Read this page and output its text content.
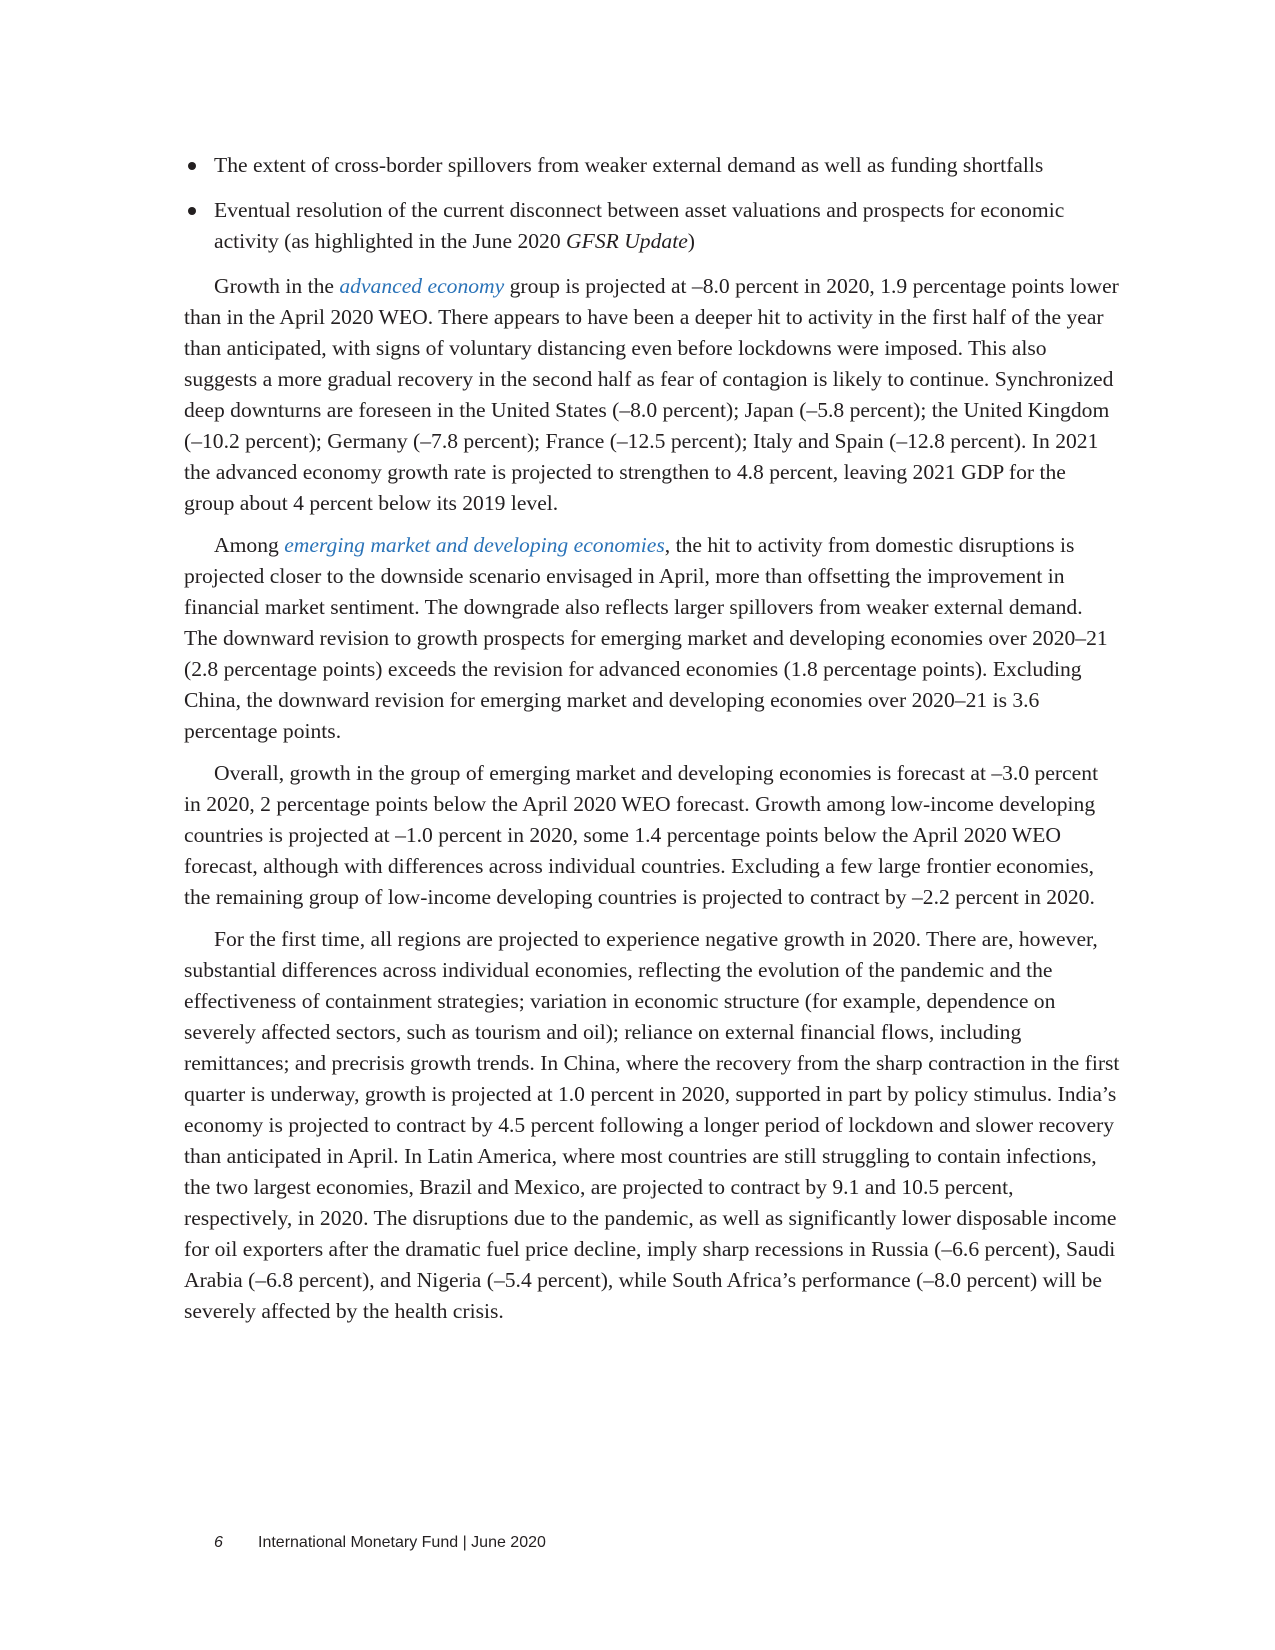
The extent of cross-border spillovers from weaker external demand as well as funding shortfalls
Eventual resolution of the current disconnect between asset valuations and prospects for economic activity (as highlighted in the June 2020 GFSR Update)

Growth in the advanced economy group is projected at –8.0 percent in 2020, 1.9 percentage points lower than in the April 2020 WEO. There appears to have been a deeper hit to activity in the first half of the year than anticipated, with signs of voluntary distancing even before lockdowns were imposed. This also suggests a more gradual recovery in the second half as fear of contagion is likely to continue. Synchronized deep downturns are foreseen in the United States (–8.0 percent); Japan (–5.8 percent); the United Kingdom (–10.2 percent); Germany (–7.8 percent); France (–12.5 percent); Italy and Spain (–12.8 percent). In 2021 the advanced economy growth rate is projected to strengthen to 4.8 percent, leaving 2021 GDP for the group about 4 percent below its 2019 level.

Among emerging market and developing economies, the hit to activity from domestic disruptions is projected closer to the downside scenario envisaged in April, more than offsetting the improvement in financial market sentiment. The downgrade also reflects larger spillovers from weaker external demand. The downward revision to growth prospects for emerging market and developing economies over 2020–21 (2.8 percentage points) exceeds the revision for advanced economies (1.8 percentage points). Excluding China, the downward revision for emerging market and developing economies over 2020–21 is 3.6 percentage points.

Overall, growth in the group of emerging market and developing economies is forecast at –3.0 percent in 2020, 2 percentage points below the April 2020 WEO forecast. Growth among low-income developing countries is projected at –1.0 percent in 2020, some 1.4 percentage points below the April 2020 WEO forecast, although with differences across individual countries. Excluding a few large frontier economies, the remaining group of low-income developing countries is projected to contract by –2.2 percent in 2020.

For the first time, all regions are projected to experience negative growth in 2020. There are, however, substantial differences across individual economies, reflecting the evolution of the pandemic and the effectiveness of containment strategies; variation in economic structure (for example, dependence on severely affected sectors, such as tourism and oil); reliance on external financial flows, including remittances; and precrisis growth trends. In China, where the recovery from the sharp contraction in the first quarter is underway, growth is projected at 1.0 percent in 2020, supported in part by policy stimulus. India’s economy is projected to contract by 4.5 percent following a longer period of lockdown and slower recovery than anticipated in April. In Latin America, where most countries are still struggling to contain infections, the two largest economies, Brazil and Mexico, are projected to contract by 9.1 and 10.5 percent, respectively, in 2020. The disruptions due to the pandemic, as well as significantly lower disposable income for oil exporters after the dramatic fuel price decline, imply sharp recessions in Russia (–6.6 percent), Saudi Arabia (–6.8 percent), and Nigeria (–5.4 percent), while South Africa’s performance (–8.0 percent) will be severely affected by the health crisis.

6 International Monetary Fund | June 2020
